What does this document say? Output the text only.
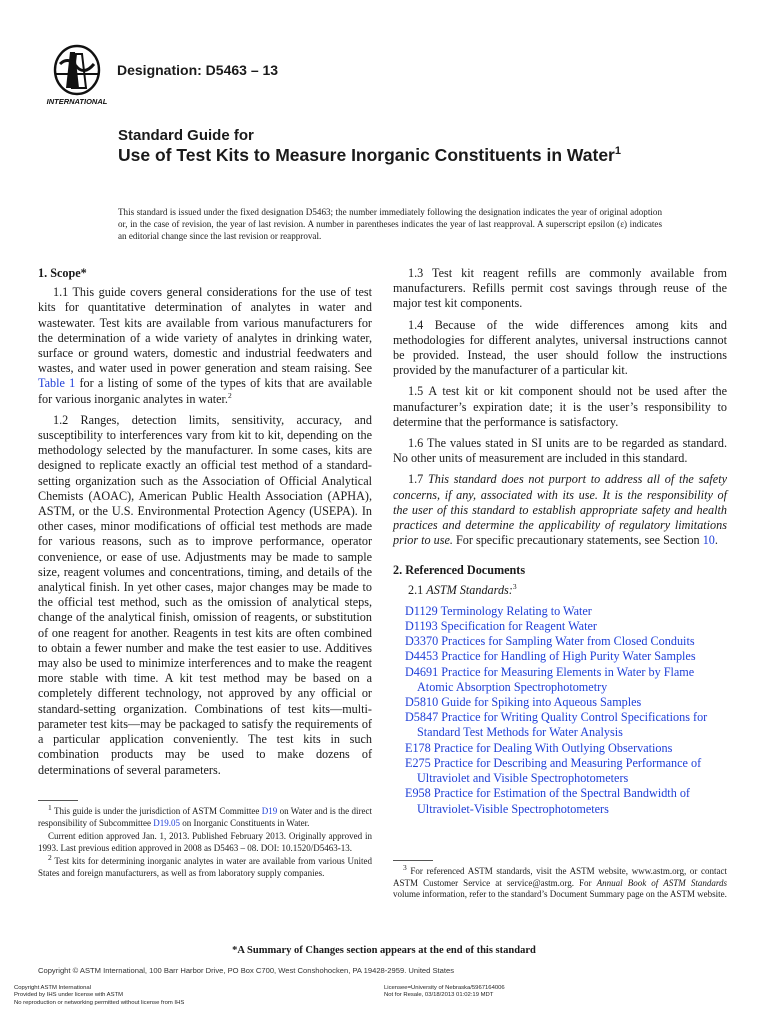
INTERNATIONAL
Designation: D5463 – 13

Standard Guide for

Use of Test Kits to Measure Inorganic Constituents in Water$^1$

This standard is issued under the fixed designation D5463; the number immediately following the designation indicates the year of original adoption or, in the case of revision, the year of last revision. A number in parentheses indicates the year of last reapproval. A superscript epsilon (ε) indicates an editorial change since the last revision or reapproval.
1. Scope*

1.1 This guide covers general considerations for the use of test kits for quantitative determination of analytes in water and wastewater. Test kits are available from various manufacturers for the determination of a wide variety of analytes in drinking water, surface or ground waters, domestic and industrial feedwaters and wastes, and water used in power generation and steam raising. See Table 1 for a listing of some of the types of kits that are available for various inorganic analytes in water.$^2$

1.2 Ranges, detection limits, sensitivity, accuracy, and susceptibility to interferences vary from kit to kit, depending on the methodology selected by the manufacturer. In some cases, kits are designed to replicate exactly an official test method of a standard-setting organization such as the Association of Official Analytical Chemists (AOAC), American Public Health Association (APHA), ASTM, or the U.S. Environmental Protection Agency (USEPA). In other cases, minor modifications of official test methods are made for various reasons, such as to improve performance, operator convenience, or ease of use. Adjustments may be made to sample size, reagent volumes and concentrations, timing, and details of the analytical finish. In yet other cases, major changes may be made to the official test method, such as the omission of analytical steps, change of the analytical finish, omission of reagents, or substitution of one reagent for another. Reagents in test kits are often combined to obtain a fewer number and make the test easier to use. Additives may also be used to minimize interferences and to make the reagent more stable with time. A kit test method may be based on a completely different technology, not approved by any official or standard-setting organization. Combinations of test kits—multi-parameter test kits—may be packaged to satisfy the requirements of a particular application conveniently. The test kits in such combination products may be used to make dozens of determinations of several parameters.

1.3 Test kit reagent refills are commonly available from manufacturers. Refills permit cost savings through reuse of the major test kit components.

1.4 Because of the wide differences among kits and methodologies for different analytes, universal instructions cannot be provided. Instead, the user should follow the instructions provided by the manufacturer of a particular kit.

1.5 A test kit or kit component should not be used after the manufacturer’s expiration date; it is the user’s responsibility to determine that the performance is satisfactory.

1.6 The values stated in SI units are to be regarded as standard. No other units of measurement are included in this standard.

1.7 This standard does not purport to address all of the safety concerns, if any, associated with its use. It is the responsibility of the user of this standard to establish appropriate safety and health practices and determine the applicability of regulatory limitations prior to use. For specific precautionary statements, see Section 10.

2. Referenced Documents

2.1 ASTM Standards:$^3$

D1129 Terminology Relating to Water
D1193 Specification for Reagent Water
D3370 Practices for Sampling Water from Closed Conduits
D4453 Practice for Handling of High Purity Water Samples
D4691 Practice for Measuring Elements in Water by Flame Atomic Absorption Spectrophotometry
D5810 Guide for Spiking into Aqueous Samples
D5847 Practice for Writing Quality Control Specifications for Standard Test Methods for Water Analysis
E178 Practice for Dealing With Outlying Observations
E275 Practice for Describing and Measuring Performance of Ultraviolet and Visible Spectrophotometers
E958 Practice for Estimation of the Spectral Bandwidth of Ultraviolet-Visible Spectrophotometers

$^1$ This guide is under the jurisdiction of ASTM Committee D19 on Water and is the direct responsibility of Subcommittee D19.05 on Inorganic Constituents in Water.

Current edition approved Jan. 1, 2013. Published February 2013. Originally approved in 1993. Last previous edition approved in 2008 as D5463 – 08. DOI: 10.1520/D5463-13.

$^2$ Test kits for determining inorganic analytes in water are available from various United States and foreign manufacturers, as well as from laboratory supply companies.

$^3$ For referenced ASTM standards, visit the ASTM website, www.astm.org, or contact ASTM Customer Service at service@astm.org. For Annual Book of ASTM Standards volume information, refer to the standard’s Document Summary page on the ASTM website.

*A Summary of Changes section appears at the end of this standard
Copyright © ASTM International, 100 Barr Harbor Drive, PO Box C700, West Conshohocken, PA 19428-2959. United States
Copyright ASTM International
Provided by IHS under license with ASTM
No reproduction or networking permitted without license from IHS
Licensee=University of Nebraska/5967164006
Not for Resale, 03/18/2013 01:02:19 MDT
